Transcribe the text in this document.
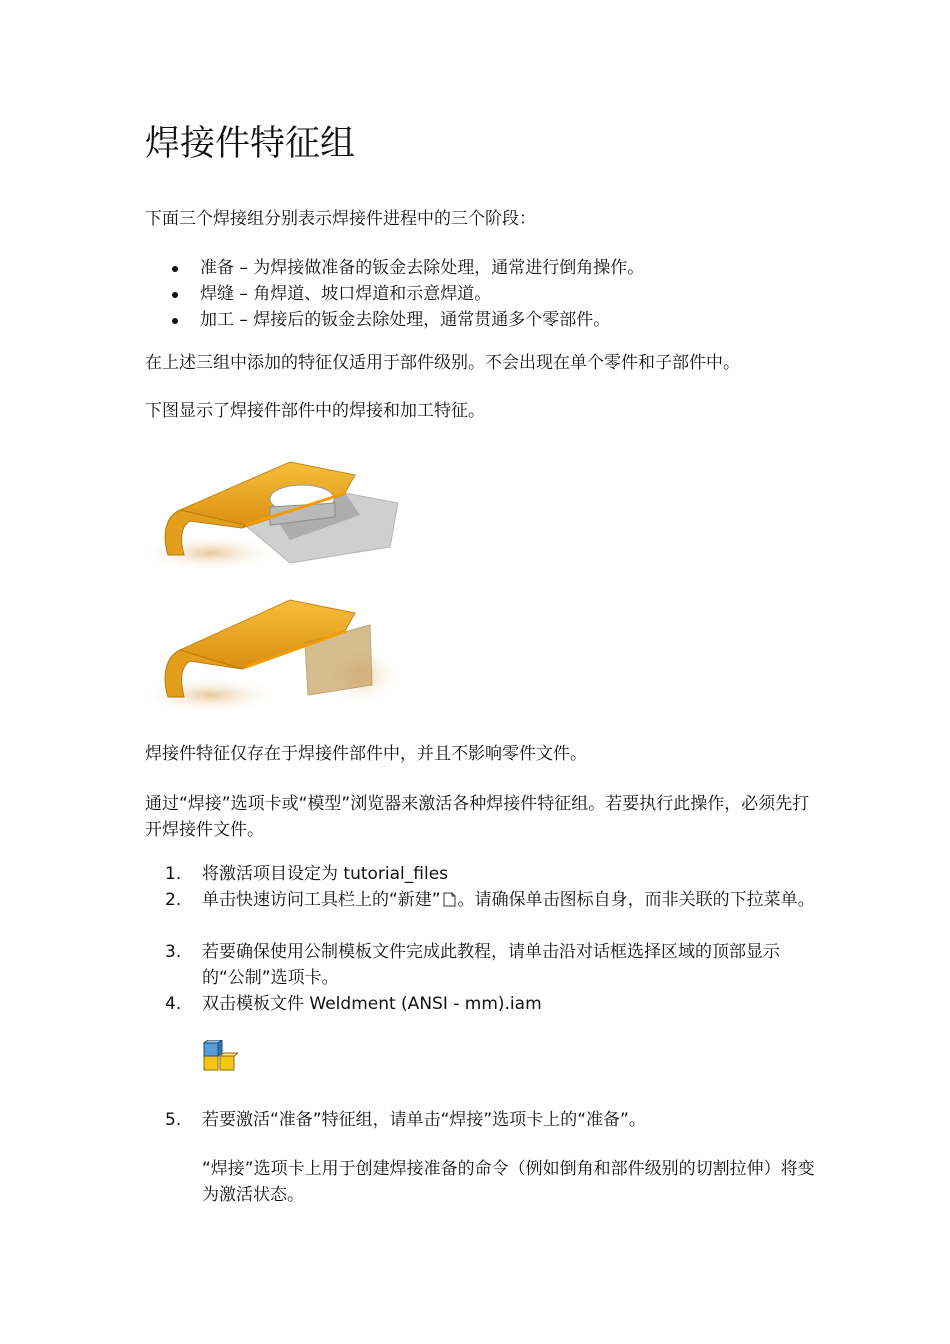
焊接件特征组

下面三个焊接组分别表示焊接件进程中的三个阶段：

准备 – 为焊接做准备的钣金去除处理，通常进行倒角操作。
焊缝 – 角焊道、坡口焊道和示意焊道。
加工 – 焊接后的钣金去除处理，通常贯通多个零部件。

在上述三组中添加的特征仅适用于部件级别。不会出现在单个零件和子部件中。

下图显示了焊接件部件中的焊接和加工特征。

焊接件特征仅存在于焊接件部件中，并且不影响零件文件。

通过“焊接”选项卡或“模型”浏览器来激活各种焊接件特征组。若要执行此操作，必须先打开焊接件文件。

1.	将激活项目设定为 tutorial_files
2.	单击快速访问工具栏上的“新建” 。请确保单击图标自身，而非关联的下拉菜单。
3.	若要确保使用公制模板文件完成此教程，请单击沿对话框选择区域的顶部显示的“公制”选项卡。
4.	双击模板文件 Weldment (ANSI - mm).iam
5.	若要激活“准备”特征组，请单击“焊接”选项卡上的“准备”。

“焊接”选项卡上用于创建焊接准备的命令（例如倒角和部件级别的切割拉伸）将变为激活状态。
